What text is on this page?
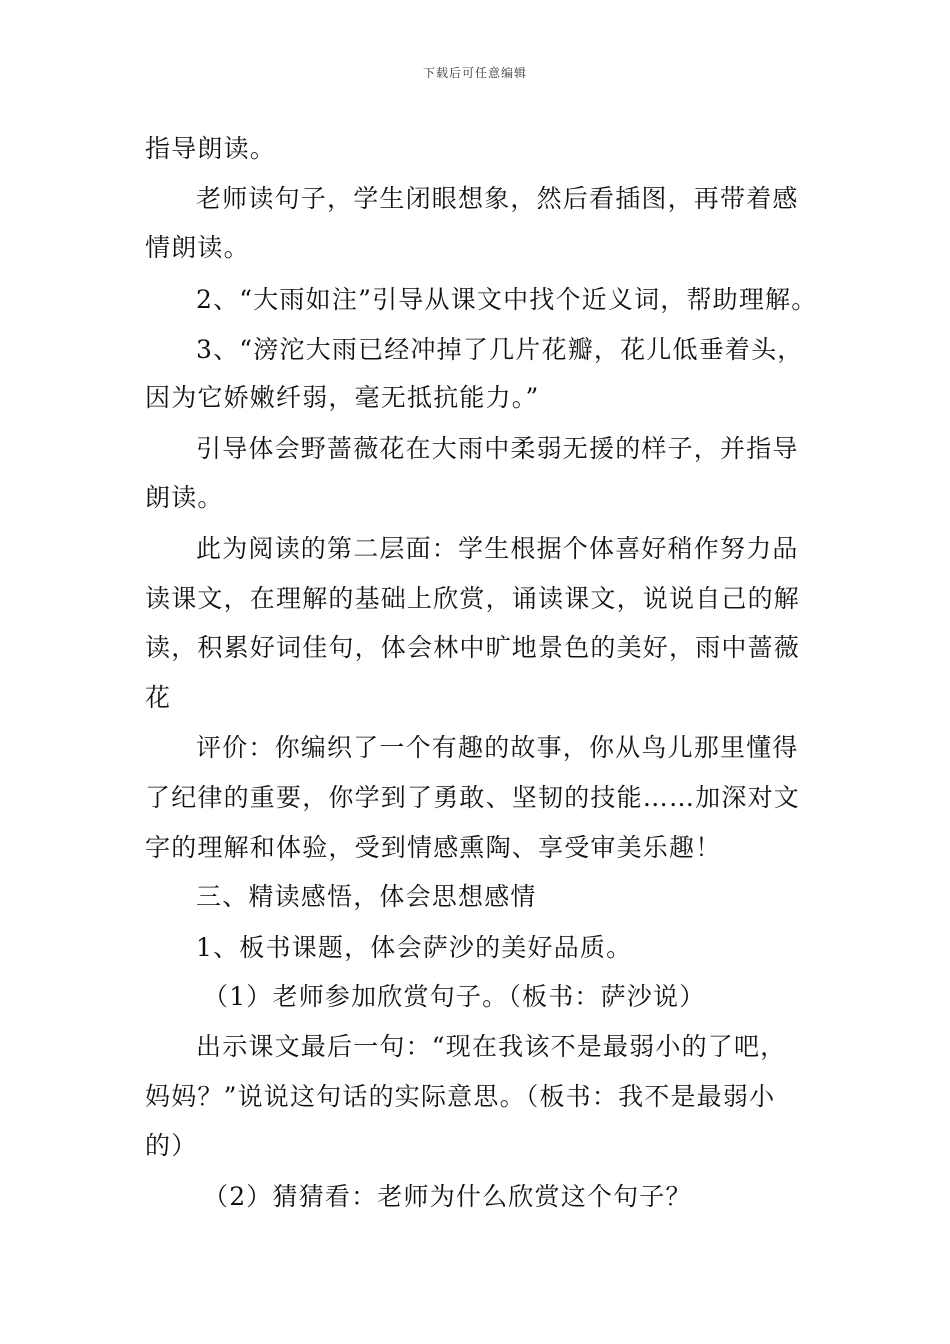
下载后可任意编辑
指导朗读。
老师读句子，学生闭眼想象，然后看插图，再带着感
情朗读。
2、“大雨如注”引导从课文中找个近义词，帮助理解。
3、“滂沱大雨已经冲掉了几片花瓣，花儿低垂着头，
因为它娇嫩纤弱，毫无抵抗能力。”
引导体会野蔷薇花在大雨中柔弱无援的样子，并指导
朗读。
此为阅读的第二层面：学生根据个体喜好稍作努力品
读课文，在理解的基础上欣赏，诵读课文，说说自己的解
读，积累好词佳句，体会林中旷地景色的美好，雨中蔷薇
花
评价：你编织了一个有趣的故事，你从鸟儿那里懂得
了纪律的重要，你学到了勇敢、坚韧的技能……加深对文
字的理解和体验，受到情感熏陶、享受审美乐趣！
三、精读感悟，体会思想感情
1、板书课题，体会萨沙的美好品质。
（1）老师参加欣赏句子。（板书：萨沙说）
出示课文最后一句：“现在我该不是最弱小的了吧，
妈妈？”说说这句话的实际意思。（板书：我不是最弱小
的）
（2）猜猜看：老师为什么欣赏这个句子？
